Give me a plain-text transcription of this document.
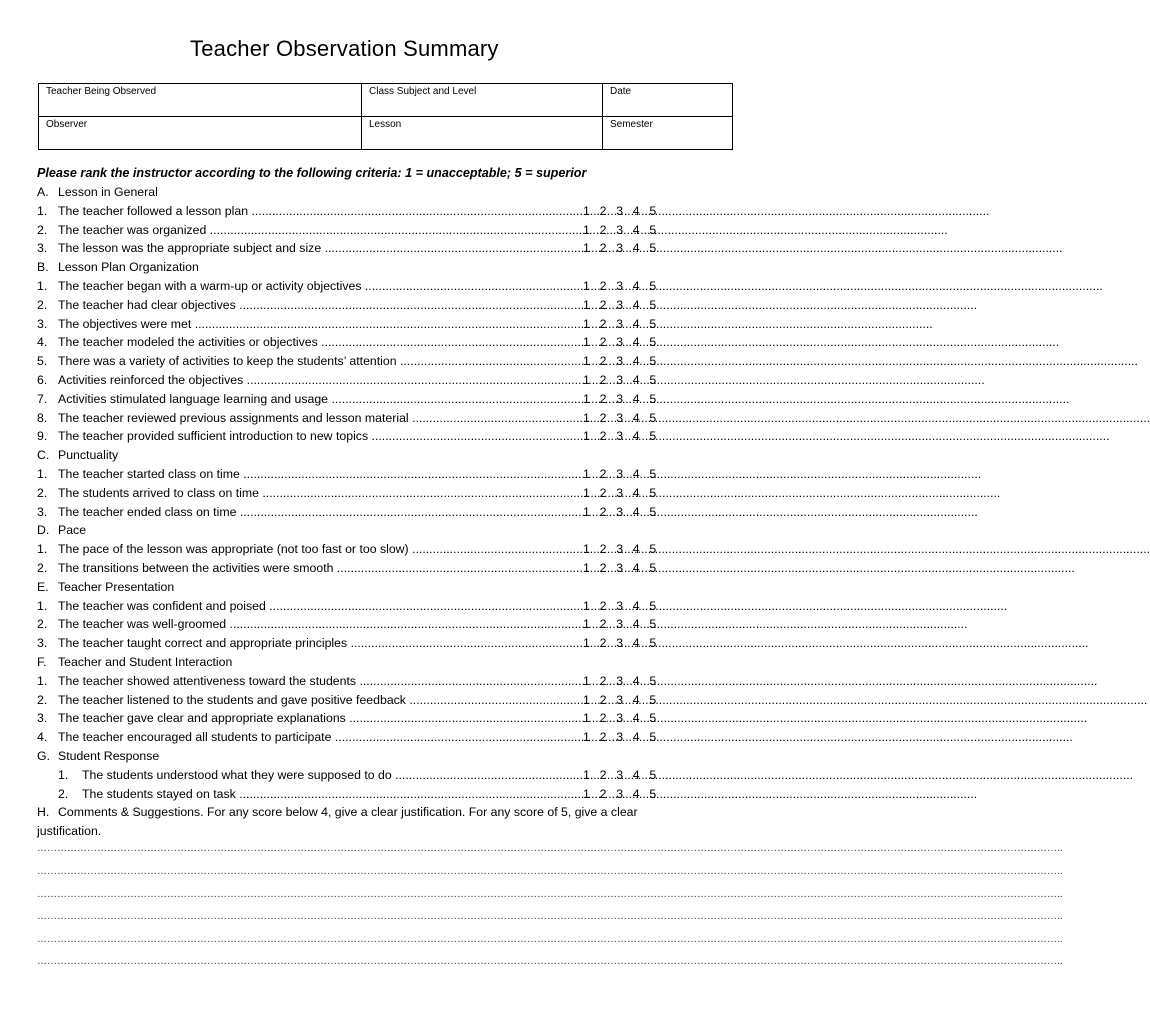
Teacher Observation Summary
Teacher Being Observed	Class Subject and Level	Date
Observer	Lesson	Semester
Please rank the instructor according to the following criteria: 1 = unacceptable; 5 = superior
A. Lesson in General
1. The teacher followed a lesson plan .....	1 2 3 4 5
2. The teacher was organized .....	1 2 3 4 5
3. The lesson was the appropriate subject and size .....	1 2 3 4 5
B. Lesson Plan Organization
1. The teacher began with a warm-up or activity objectives .....	1 2 3 4 5
2. The teacher had clear objectives .....	1 2 3 4 5
3. The objectives were met .....	1 2 3 4 5
4. The teacher modeled the activities or objectives .....	1 2 3 4 5
5. There was a variety of activities to keep the students’ attention .....	1 2 3 4 5
6. Activities reinforced the objectives .....	1 2 3 4 5
7. Activities stimulated language learning and usage .....	1 2 3 4 5
8. The teacher reviewed previous assignments and lesson material .....	1 2 3 4 5
9. The teacher provided sufficient introduction to new topics .....	1 2 3 4 5
C. Punctuality
1. The teacher started class on time .....	1 2 3 4 5
2. The students arrived to class on time .....	1 2 3 4 5
3. The teacher ended class on time .....	1 2 3 4 5
D. Pace
1. The pace of the lesson was appropriate (not too fast or too slow) .....	1 2 3 4 5
2. The transitions between the activities were smooth .....	1 2 3 4 5
E. Teacher Presentation
1. The teacher was confident and poised .....	1 2 3 4 5
2. The teacher was well-groomed .....	1 2 3 4 5
3. The teacher taught correct and appropriate principles .....	1 2 3 4 5
F. Teacher and Student Interaction
1. The teacher showed attentiveness toward the students .....	1 2 3 4 5
2. The teacher listened to the students and gave positive feedback .....	1 2 3 4 5
3. The teacher gave clear and appropriate explanations .....	1 2 3 4 5
4. The teacher encouraged all students to participate .....	1 2 3 4 5
G. Student Response
1. The students understood what they were supposed to do .....	1 2 3 4 5
2. The students stayed on task .....	1 2 3 4 5
H. Comments & Suggestions. For any score below 4, give a clear justification. For any score of 5, give a clear justification.
………………………………………………………………………………………………………………………………………………………………………………………………………………………………………………………………………………..
………………………………………………………………………………………………………………………………………………………………………………………………………………………………………………………………………………..
………………………………………………………………………………………………………………………………………………………………………………………………………………………………………………………………………………..
………………………………………………………………………………………………………………………………………………………………………………………………………………………………………………………………………………..
………………………………………………………………………………………………………………………………………………………………………………………………………………………………………………………………………………..
………………………………………………………………………………………………………………………………………………………………………………………………………………………………………………………………………………..
